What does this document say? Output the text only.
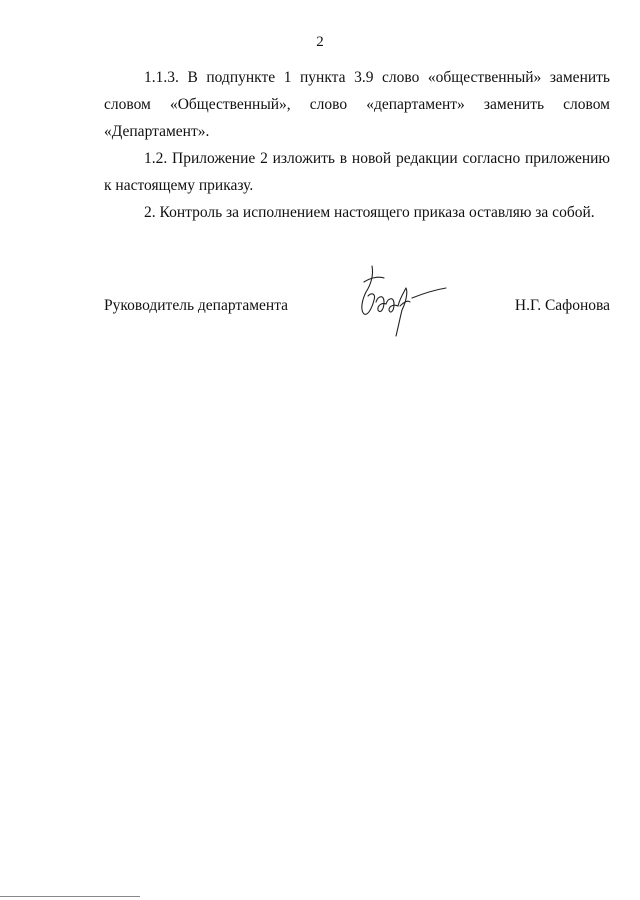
2

1.1.3. В подпункте 1 пункта 3.9 слово «общественный» заменить словом «Общественный», слово «департамент» заменить словом «Департамент».

1.2. Приложение 2 изложить в новой редакции согласно приложению к настоящему приказу.

2. Контроль за исполнением настоящего приказа оставляю за собой.

Руководитель департамента	Н.Г. Сафонова
